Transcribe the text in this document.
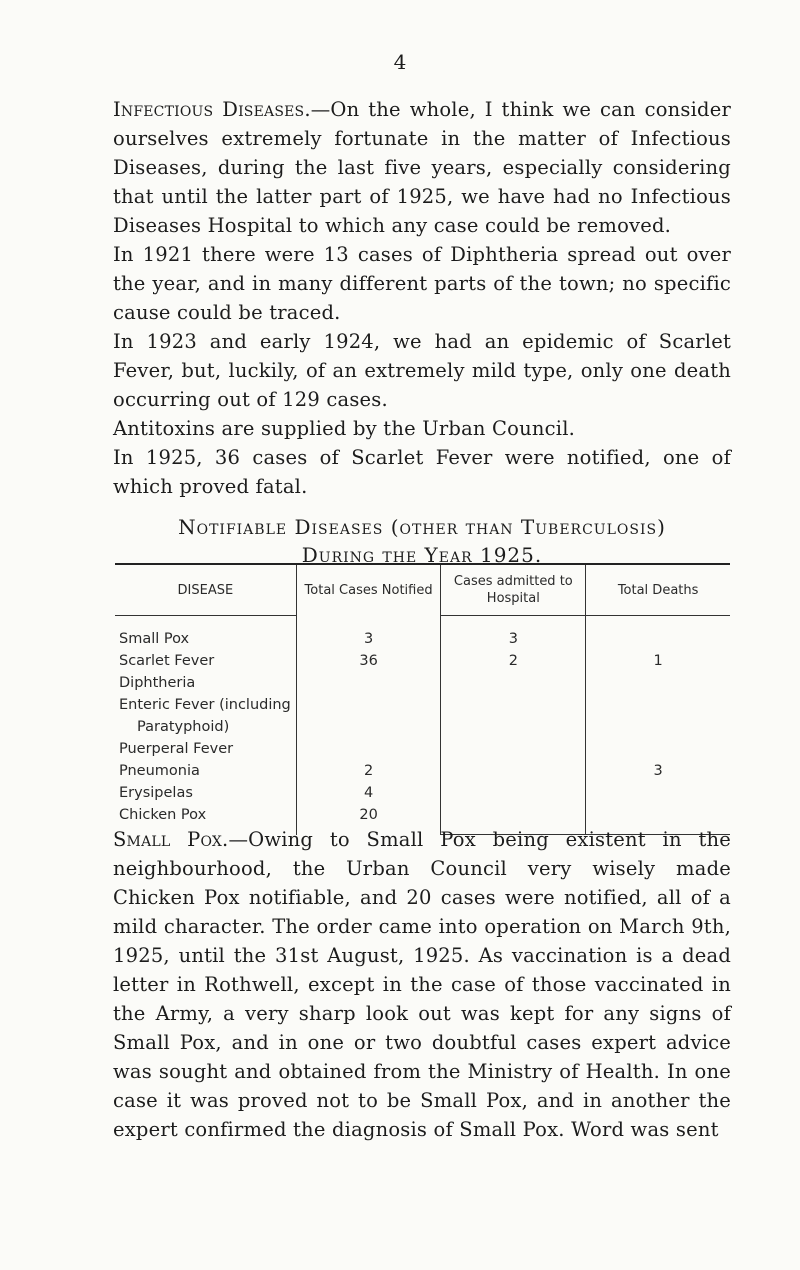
4

Infectious Diseases.—On the whole, I think we can consider ourselves extremely fortunate in the matter of Infectious Diseases, during the last five years, especially considering that until the latter part of 1925, we have had no Infectious Diseases Hospital to which any case could be removed.

In 1921 there were 13 cases of Diphtheria spread out over the year, and in many different parts of the town; no specific cause could be traced.

In 1923 and early 1924, we had an epidemic of Scarlet Fever, but, luckily, of an extremely mild type, only one death occurring out of 129 cases.

Antitoxins are supplied by the Urban Council.

In 1925, 36 cases of Scarlet Fever were notified, one of which proved fatal.

Notifiable Diseases (other than Tuberculosis)
During the Year 1925.
DISEASE	Total Cases Notified	Cases admitted to Hospital	Total Deaths
Small Pox	3	3	
Scarlet Fever	36	2	1
Diphtheria			
Enteric Fever (including			
Paratyphoid)			
Puerperal Fever			
Pneumonia	2		3
Erysipelas	4		
Chicken Pox	20		
Small Pox.—Owing to Small Pox being existent in the neighbourhood, the Urban Council very wisely made Chicken Pox notifiable, and 20 cases were notified, all of a mild character. The order came into operation on March 9th, 1925, until the 31st August, 1925. As vaccination is a dead letter in Rothwell, except in the case of those vaccinated in the Army, a very sharp look out was kept for any signs of Small Pox, and in one or two doubtful cases expert advice was sought and obtained from the Ministry of Health. In one case it was proved not to be Small Pox, and in another the expert confirmed the diagnosis of Small Pox. Word was sent
